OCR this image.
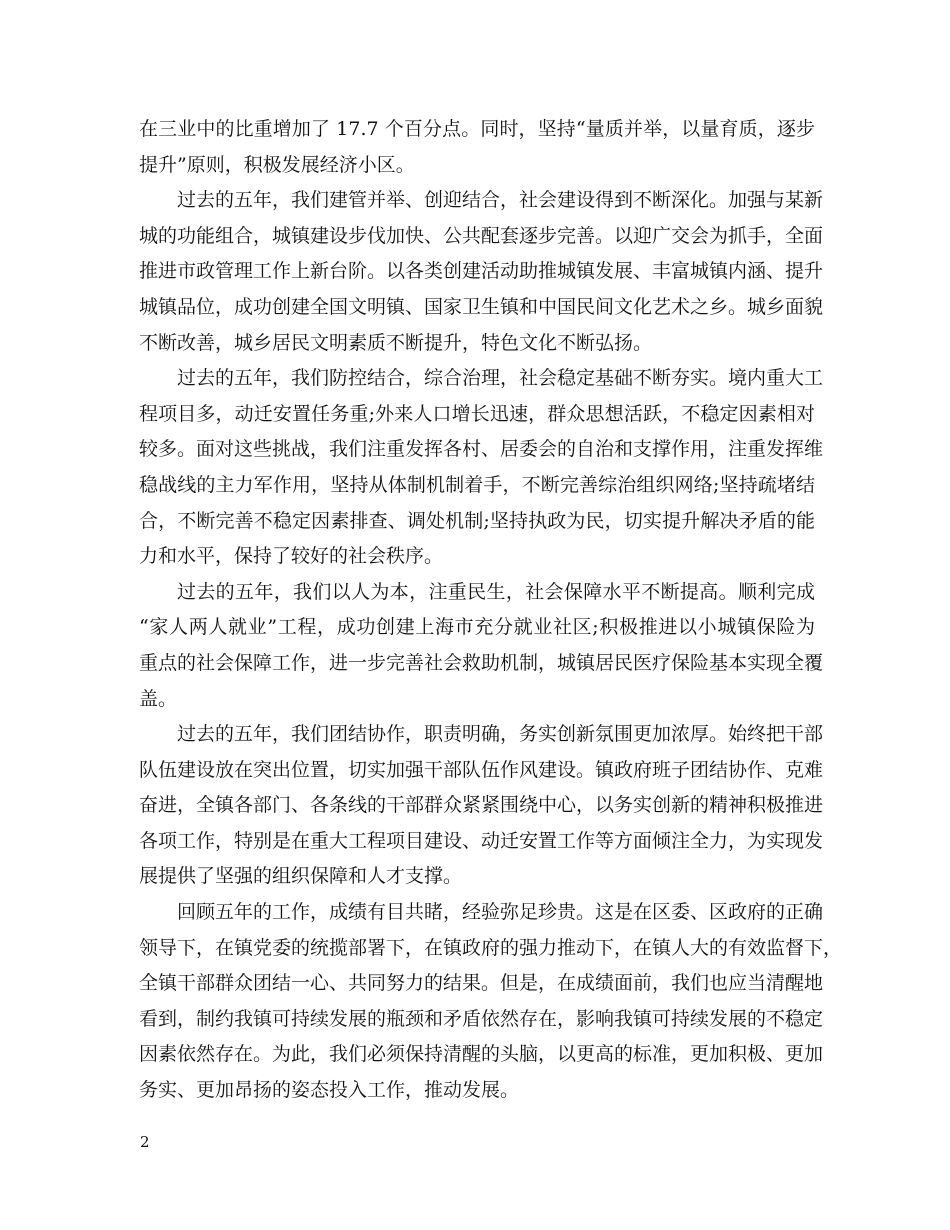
在三业中的比重增加了 17.7 个百分点。同时，坚持“量质并举，以量育质，逐步
提升”原则，积极发展经济小区。
过去的五年，我们建管并举、创迎结合，社会建设得到不断深化。加强与某新
城的功能组合，城镇建设步伐加快、公共配套逐步完善。以迎广交会为抓手，全面
推进市政管理工作上新台阶。以各类创建活动助推城镇发展、丰富城镇内涵、提升
城镇品位，成功创建全国文明镇、国家卫生镇和中国民间文化艺术之乡。城乡面貌
不断改善，城乡居民文明素质不断提升，特色文化不断弘扬。
过去的五年，我们防控结合，综合治理，社会稳定基础不断夯实。境内重大工
程项目多，动迁安置任务重;外来人口增长迅速，群众思想活跃，不稳定因素相对
较多。面对这些挑战，我们注重发挥各村、居委会的自治和支撑作用，注重发挥维
稳战线的主力军作用，坚持从体制机制着手，不断完善综治组织网络;坚持疏堵结
合，不断完善不稳定因素排查、调处机制;坚持执政为民，切实提升解决矛盾的能
力和水平，保持了较好的社会秩序。
过去的五年，我们以人为本，注重民生，社会保障水平不断提高。顺利完成
“家人两人就业”工程，成功创建上海市充分就业社区;积极推进以小城镇保险为
重点的社会保障工作，进一步完善社会救助机制，城镇居民医疗保险基本实现全覆
盖。
过去的五年，我们团结协作，职责明确，务实创新氛围更加浓厚。始终把干部
队伍建设放在突出位置，切实加强干部队伍作风建设。镇政府班子团结协作、克难
奋进，全镇各部门、各条线的干部群众紧紧围绕中心，以务实创新的精神积极推进
各项工作，特别是在重大工程项目建设、动迁安置工作等方面倾注全力，为实现发
展提供了坚强的组织保障和人才支撑。
回顾五年的工作，成绩有目共睹，经验弥足珍贵。这是在区委、区政府的正确
领导下，在镇党委的统揽部署下，在镇政府的强力推动下，在镇人大的有效监督下，
全镇干部群众团结一心、共同努力的结果。但是，在成绩面前，我们也应当清醒地
看到，制约我镇可持续发展的瓶颈和矛盾依然存在，影响我镇可持续发展的不稳定
因素依然存在。为此，我们必须保持清醒的头脑，以更高的标准，更加积极、更加
务实、更加昂扬的姿态投入工作，推动发展。
2
